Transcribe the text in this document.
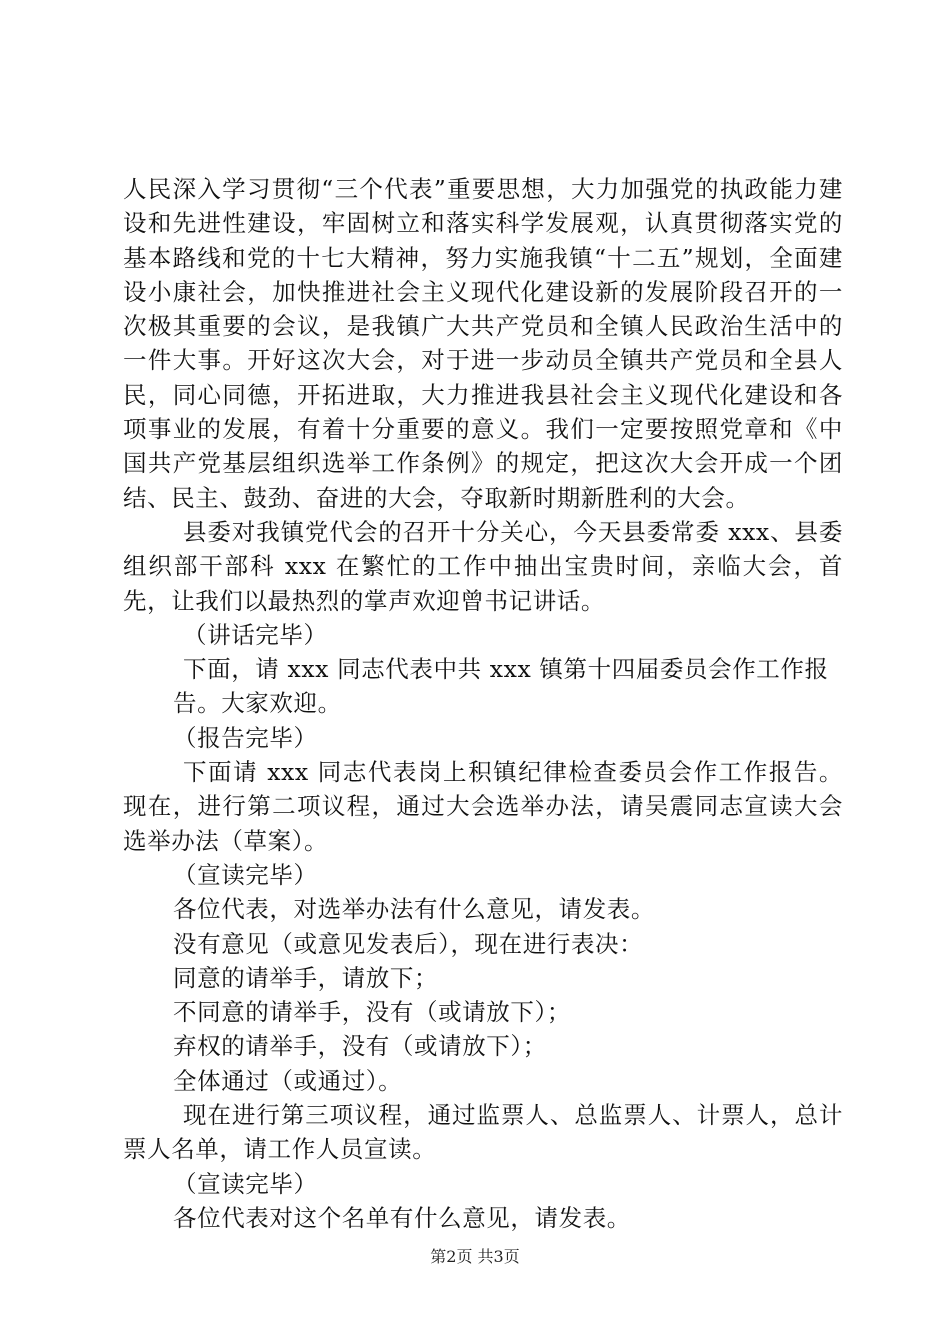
人民深入学习贯彻“三个代表”重要思想，大力加强党的执政能力建设和先进性建设，牢固树立和落实科学发展观，认真贯彻落实党的基本路线和党的十七大精神，努力实施我镇“十二五”规划，全面建设小康社会，加快推进社会主义现代化建设新的发展阶段召开的一次极其重要的会议，是我镇广大共产党员和全镇人民政治生活中的一件大事。开好这次大会，对于进一步动员全镇共产党员和全县人民，同心同德，开拓进取，大力推进我县社会主义现代化建设和各项事业的发展，有着十分重要的意义。我们一定要按照党章和《中国共产党基层组织选举工作条例》的规定，把这次大会开成一个团结、民主、鼓劲、奋进的大会，夺取新时期新胜利的大会。

县委对我镇党代会的召开十分关心，今天县委常委 xxx、县委组织部干部科 xxx 在繁忙的工作中抽出宝贵时间，亲临大会，首先，让我们以最热烈的掌声欢迎曾书记讲话。

（讲话完毕）

下面，请 xxx 同志代表中共 xxx 镇第十四届委员会作工作报

告。大家欢迎。

（报告完毕）

下面请 xxx 同志代表岗上积镇纪律检查委员会作工作报告。现在，进行第二项议程，通过大会选举办法，请吴震同志宣读大会选举办法（草案）。

（宣读完毕）

各位代表，对选举办法有什么意见，请发表。

没有意见（或意见发表后），现在进行表决：

同意的请举手，请放下；

不同意的请举手，没有（或请放下）；

弃权的请举手，没有（或请放下）；

全体通过（或通过）。

现在进行第三项议程，通过监票人、总监票人、计票人，总计票人名单，请工作人员宣读。

（宣读完毕）

各位代表对这个名单有什么意见，请发表。

第2页 共3页
